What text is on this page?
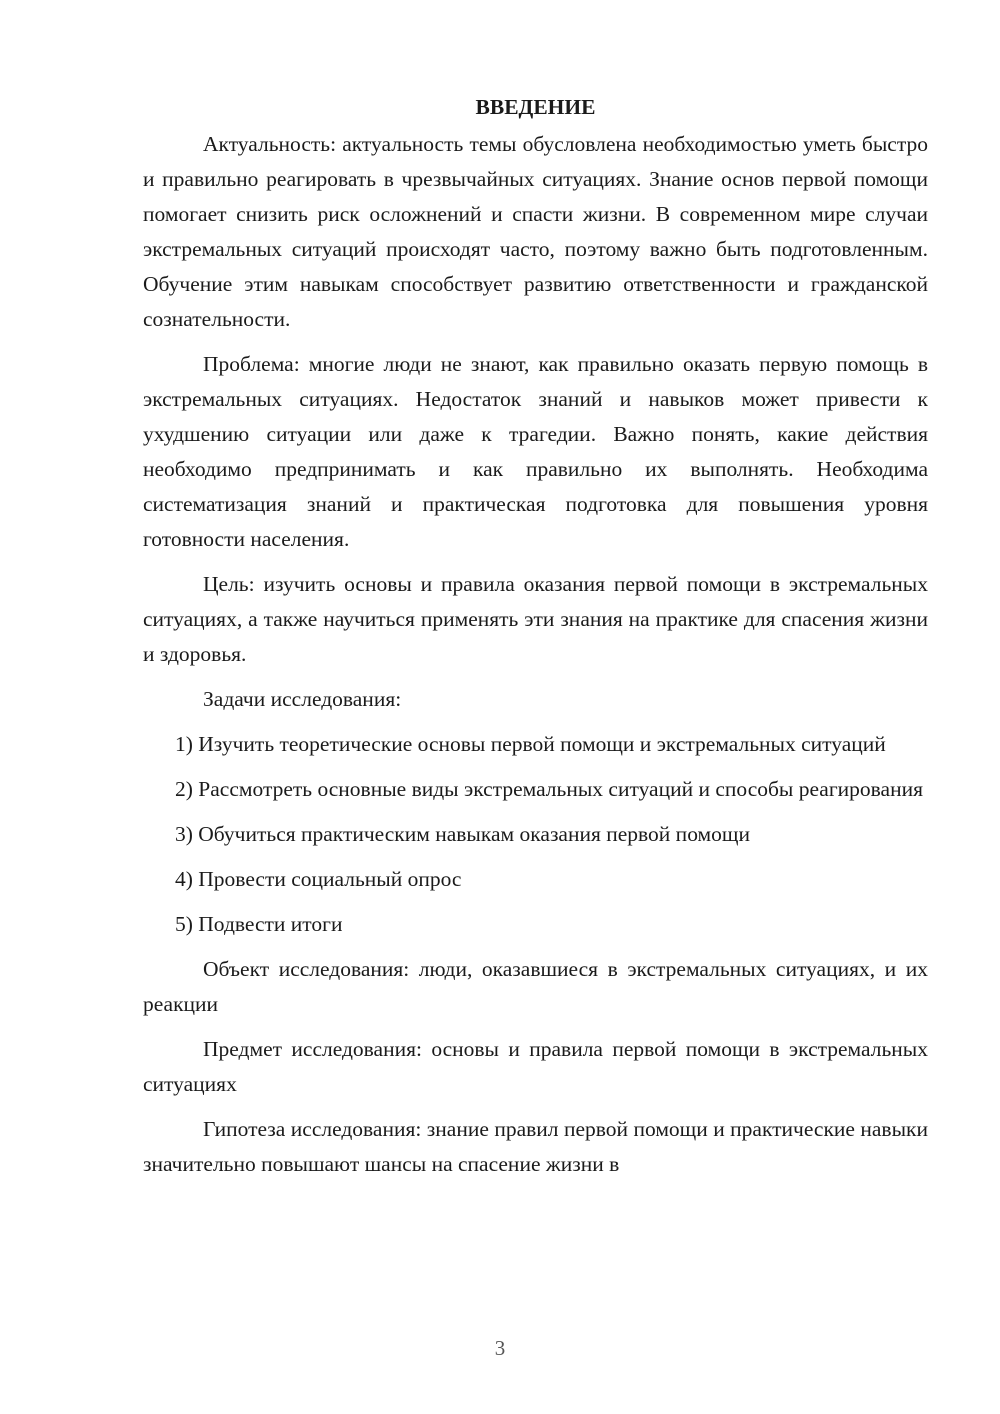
ВВЕДЕНИЕ

Актуальность: актуальность темы обусловлена необходимостью уметь быстро и правильно реагировать в чрезвычайных ситуациях. Знание основ первой помощи помогает снизить риск осложнений и спасти жизни. В современном мире случаи экстремальных ситуаций происходят часто, поэтому важно быть подготовленным. Обучение этим навыкам способствует развитию ответственности и гражданской сознательности.

Проблема: многие люди не знают, как правильно оказать первую помощь в экстремальных ситуациях. Недостаток знаний и навыков может привести к ухудшению ситуации или даже к трагедии. Важно понять, какие действия необходимо предпринимать и как правильно их выполнять. Необходима систематизация знаний и практическая подготовка для повышения уровня готовности населения.

Цель: изучить основы и правила оказания первой помощи в экстремальных ситуациях, а также научиться применять эти знания на практике для спасения жизни и здоровья.

Задачи исследования:

1) Изучить теоретические основы первой помощи и экстремальных ситуаций

2) Рассмотреть основные виды экстремальных ситуаций и способы реагирования

3) Обучиться практическим навыкам оказания первой помощи

4) Провести социальный опрос

5) Подвести итоги

Объект исследования: люди, оказавшиеся в экстремальных ситуациях, и их реакции

Предмет исследования: основы и правила первой помощи в экстремальных ситуациях

Гипотеза исследования: знание правил первой помощи и практические навыки значительно повышают шансы на спасение жизни в

3
